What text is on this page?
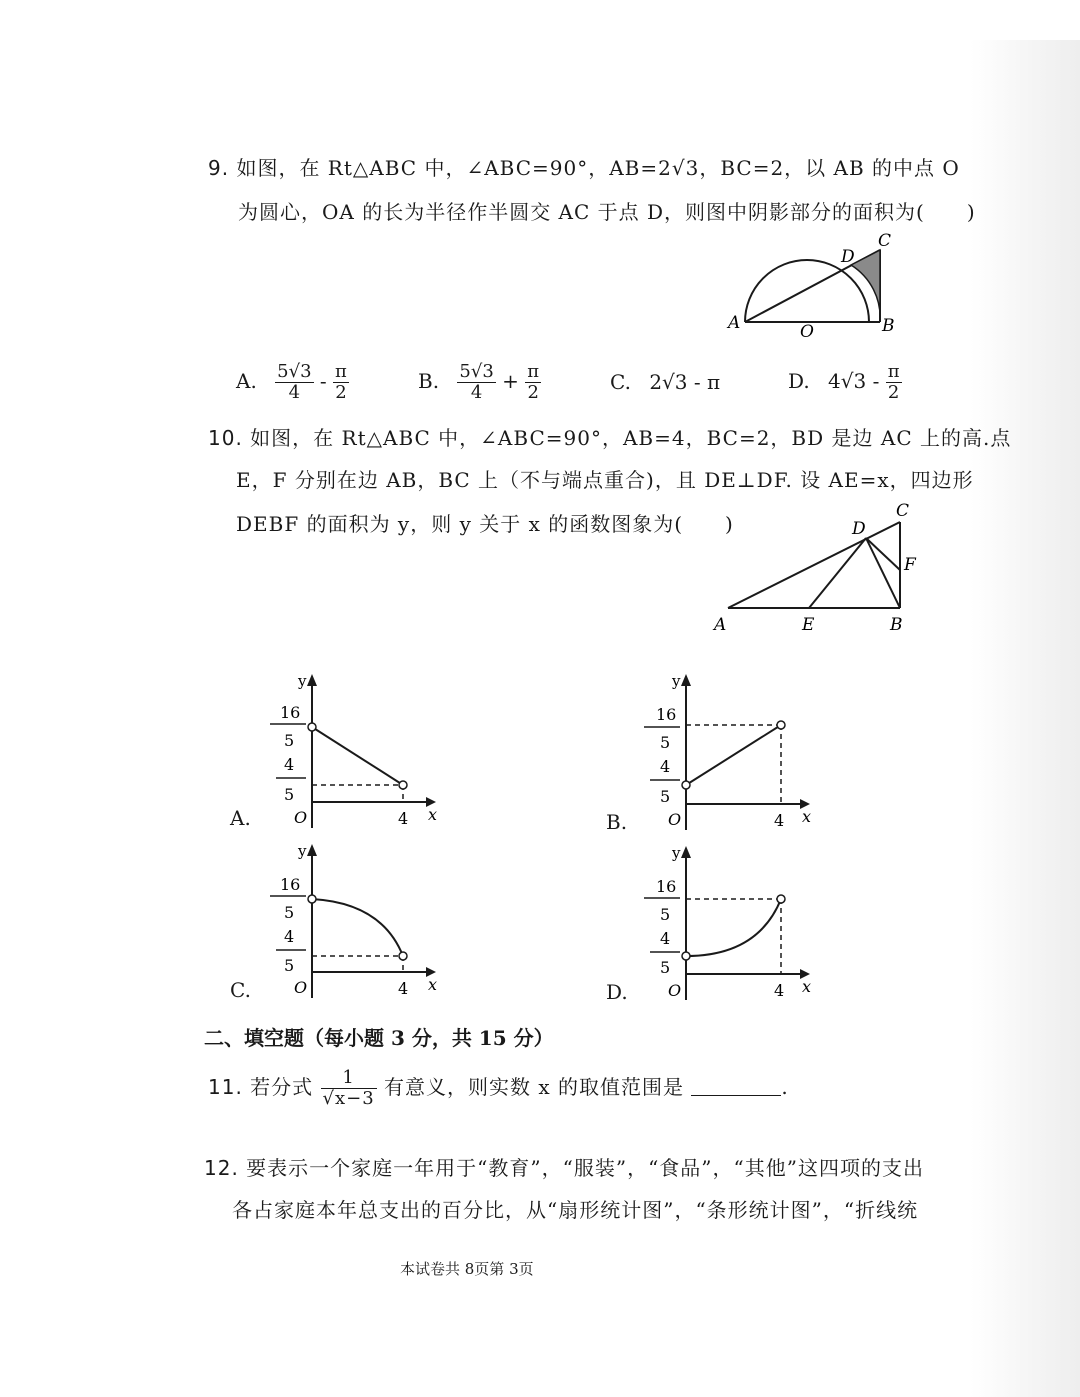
9. 如图，在 Rt△ABC 中，∠ABC=90°，AB=2√3，BC=2，以 AB 的中点 O
为圆心，OA 的长为半径作半圆交 AC 于点 D，则图中阴影部分的面积为(　　)
A	B
C
D
O
A. $\frac{5√3}{4} - \frac{\pi}{2}$	B. $\frac{5√3}{4} + \frac{\pi}{2}$	C. 2√3 - π	D. $4√3 - \frac{\pi}{2}$
10. 如图，在 Rt△ABC 中，∠ABC=90°，AB=4，BC=2，BD 是边 AC 上的高.点
E，F 分别在边 AB，BC 上（不与端点重合)，且 DE⊥DF. 设 AE=x，四边形
DEBF 的面积为 y，则 y 关于 x 的函数图象为(　　)
A	E	B
C
D
F
A.	B.
C.	D.
y
x
O	4
16
5
4
5
y
x
O	4
16
5
4
5
y
x
O	4
16
5
4
5
y
x
O	4
16
5
4
5
二、填空题（每小题 3 分，共 15 分）
11. 若分式 $\frac{1}{√x-3}$ 有意义，则实数 x 的取值范围是	.
12. 要表示一个家庭一年用于“教育”，“服装”，“食品”，“其他”这四项的支出
各占家庭本年总支出的百分比，从“扇形统计图”，“条形统计图”，“折线统
本试卷共 8页第 3页
